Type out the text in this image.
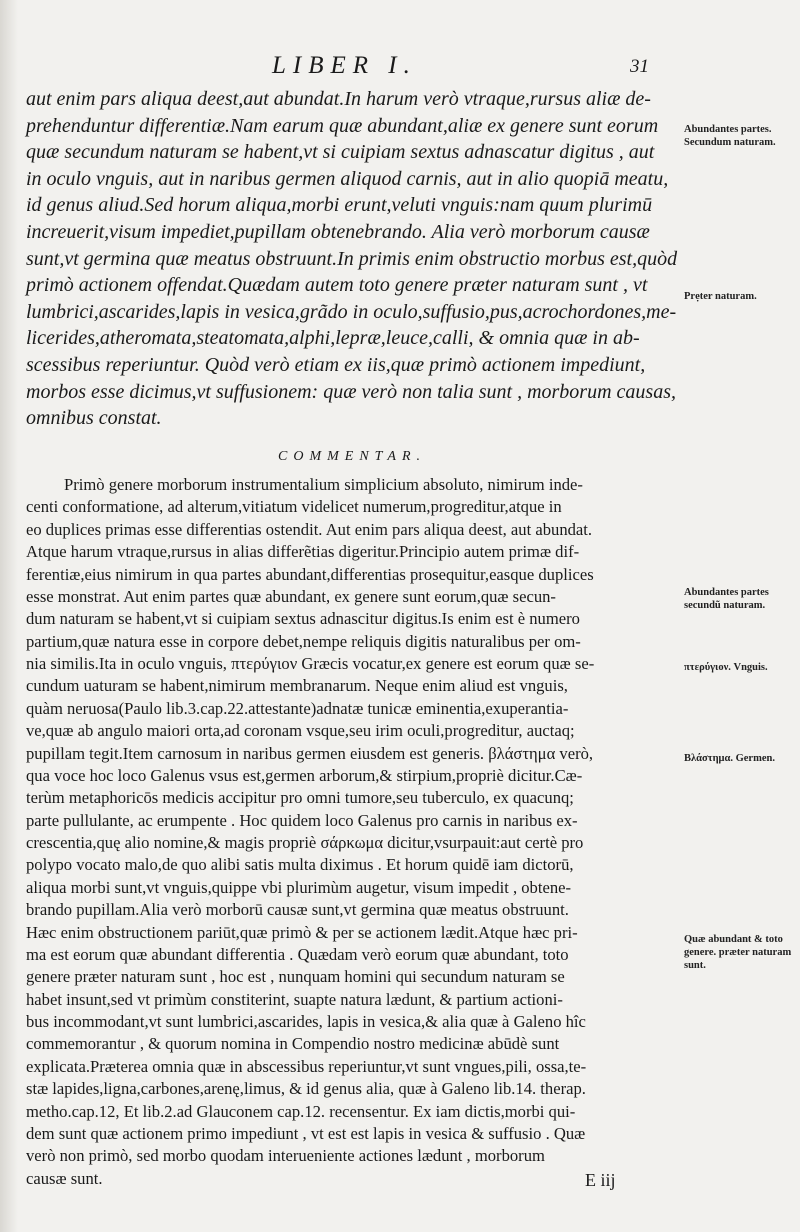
LIBER I.	31
aut enim pars aliqua deest,aut abundat.In harum verò vtraque,rursus aliæ de-
prehenduntur differentiæ.Nam earum quæ abundant,aliæ ex genere sunt eorum
quæ secundum naturam se habent,vt si cuipiam sextus adnascatur digitus , aut
in oculo vnguis, aut in naribus germen aliquod carnis, aut in alio quopiā meatu,
id genus aliud.Sed horum aliqua,morbi erunt,veluti vnguis:nam quum plurimū
increuerit,visum impediet,pupillam obtenebrando. Alia verò morborum causæ
sunt,vt germina quæ meatus obstruunt.In primis enim obstructio morbus est,quòd
primò actionem offendat.Quædam autem toto genere præter naturam sunt , vt
lumbrici,ascarides,lapis in vesica,grãdo in oculo,suffusio,pus,acrochordones,me-
licerides,atheromata,steatomata,alphi,lepræ,leuce,calli, & omnia quæ in ab-
scessibus reperiuntur. Quòd verò etiam ex iis,quæ primò actionem impediunt,
morbos esse dicimus,vt suffusionem: quæ verò non talia sunt , morborum causas,
omnibus constat.
COMMENTAR.
Primò genere morborum instrumentalium simplicium absoluto, nimirum inde-
centi conformatione, ad alterum,vitiatum videlicet numerum,progreditur,atque in
eo duplices primas esse differentias ostendit. Aut enim pars aliqua deest, aut abundat.
Atque harum vtraque,rursus in alias differẽtias digeritur.Principio autem primæ dif-
ferentiæ,eius nimirum in qua partes abundant,differentias prosequitur,easque duplices
esse monstrat. Aut enim partes quæ abundant, ex genere sunt eorum,quæ secun-
dum naturam se habent,vt si cuipiam sextus adnascitur digitus.Is enim est è numero
partium,quæ natura esse in corpore debet,nempe reliquis digitis naturalibus per om-
nia similis.Ita in oculo vnguis, πτερύγιον Græcis vocatur,ex genere est eorum quæ se-
cundum uaturam se habent,nimirum membranarum. Neque enim aliud est vnguis,
quàm neruosa(Paulo lib.3.cap.22.attestante)adnatæ tunicæ eminentia,exuperantia-
ve,quæ ab angulo maiori orta,ad coronam vsque,seu irim oculi,progreditur, auctaq;
pupillam tegit.Item carnosum in naribus germen eiusdem est generis. βλάστημα verò,
qua voce hoc loco Galenus vsus est,germen arborum,& stirpium,propriè dicitur.Cæ-
terùm metaphoricōs medicis accipitur pro omni tumore,seu tuberculo, ex quacunq;
parte pullulante, ac erumpente . Hoc quidem loco Galenus pro carnis in naribus ex-
crescentia,quę alio nomine,& magis propriè σάρκωμα dicitur,vsurpauit:aut certè pro
polypo vocato malo,de quo alibi satis multa diximus . Et horum quidē iam dictorū,
aliqua morbi sunt,vt vnguis,quippe vbi plurimùm augetur, visum impedit , obtene-
brando pupillam.Alia verò morborū causæ sunt,vt germina quæ meatus obstruunt.
Hæc enim obstructionem pariūt,quæ primò & per se actionem lædit.Atque hæc pri-
ma est eorum quæ abundant differentia . Quædam verò eorum quæ abundant, toto
genere præter naturam sunt , hoc est , nunquam homini qui secundum naturam se
habet insunt,sed vt primùm constiterint, suapte natura lædunt, & partium actioni-
bus incommodant,vt sunt lumbrici,ascarides, lapis in vesica,& alia quæ à Galeno hîc
commemorantur , & quorum nomina in Compendio nostro medicinæ abūdè sunt
explicata.Præterea omnia quæ in abscessibus reperiuntur,vt sunt vngues,pili, ossa,te-
stæ lapides,ligna,carbones,arenę,limus, & id genus alia, quæ à Galeno lib.14. therap.
metho.cap.12, Et lib.2.ad Glauconem cap.12. recensentur. Ex iam dictis,morbi qui-
dem sunt quæ actionem primo impediunt , vt est est lapis in vesica & suffusio . Quæ
verò non primò, sed morbo quodam interueniente actiones lædunt , morborum
causæ sunt.
Abundantes partes. Secundum naturam.
Prẹter naturam.
Abundantes partes secundũ naturam.
πτερύγιον. Vnguis.
Βλάστημα. Germen.
Quæ abundant & toto genere. præter naturam sunt.
E iij
